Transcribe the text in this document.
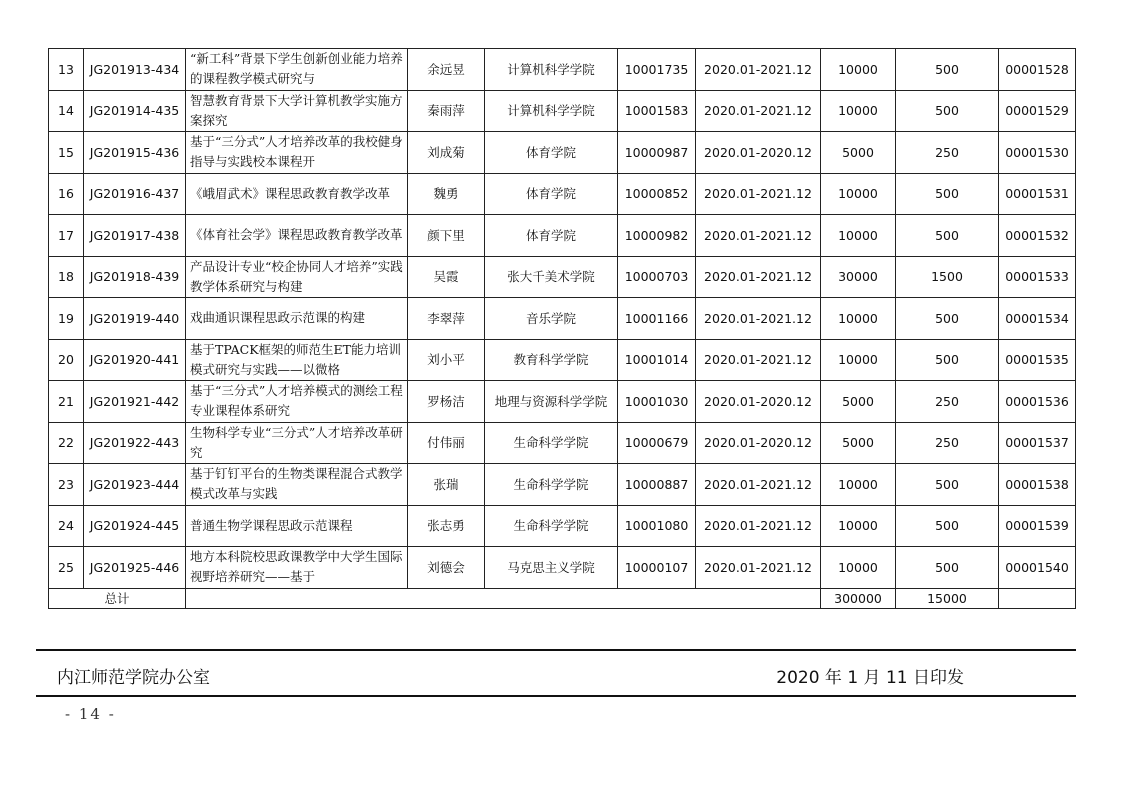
13	JG201913-434	“新工科”背景下学生创新创业能力培养的课程教学模式研究与	余远昱	计算机科学学院	10001735	2020.01-2021.12	10000	500	00001528
14	JG201914-435	智慧教育背景下大学计算机教学实施方案探究	秦雨萍	计算机科学学院	10001583	2020.01-2021.12	10000	500	00001529
15	JG201915-436	基于“三分式”人才培养改革的我校健身指导与实践校本课程开	刘成菊	体育学院	10000987	2020.01-2020.12	5000	250	00001530
16	JG201916-437	《峨眉武术》课程思政教育教学改革	魏勇	体育学院	10000852	2020.01-2021.12	10000	500	00001531
17	JG201917-438	《体育社会学》课程思政教育教学改革	颜下里	体育学院	10000982	2020.01-2021.12	10000	500	00001532
18	JG201918-439	产品设计专业“校企协同人才培养”实践教学体系研究与构建	吴霞	张大千美术学院	10000703	2020.01-2021.12	30000	1500	00001533
19	JG201919-440	戏曲通识课程思政示范课的构建	李翠萍	音乐学院	10001166	2020.01-2021.12	10000	500	00001534
20	JG201920-441	基于TPACK框架的师范生ET能力培训模式研究与实践——以微格	刘小平	教育科学学院	10001014	2020.01-2021.12	10000	500	00001535
21	JG201921-442	基于“三分式”人才培养模式的测绘工程专业课程体系研究	罗杨洁	地理与资源科学学院	10001030	2020.01-2020.12	5000	250	00001536
22	JG201922-443	生物科学专业“三分式”人才培养改革研究	付伟丽	生命科学学院	10000679	2020.01-2020.12	5000	250	00001537
23	JG201923-444	基于钉钉平台的生物类课程混合式教学模式改革与实践	张瑞	生命科学学院	10000887	2020.01-2021.12	10000	500	00001538
24	JG201924-445	普通生物学课程思政示范课程	张志勇	生命科学学院	10001080	2020.01-2021.12	10000	500	00001539
25	JG201925-446	地方本科院校思政课教学中大学生国际视野培养研究——基于	刘德会	马克思主义学院	10000107	2020.01-2021.12	10000	500	00001540
总计							300000	15000	
内江师范学院办公室	2020 年 1 月 11 日印发
- 14 -
